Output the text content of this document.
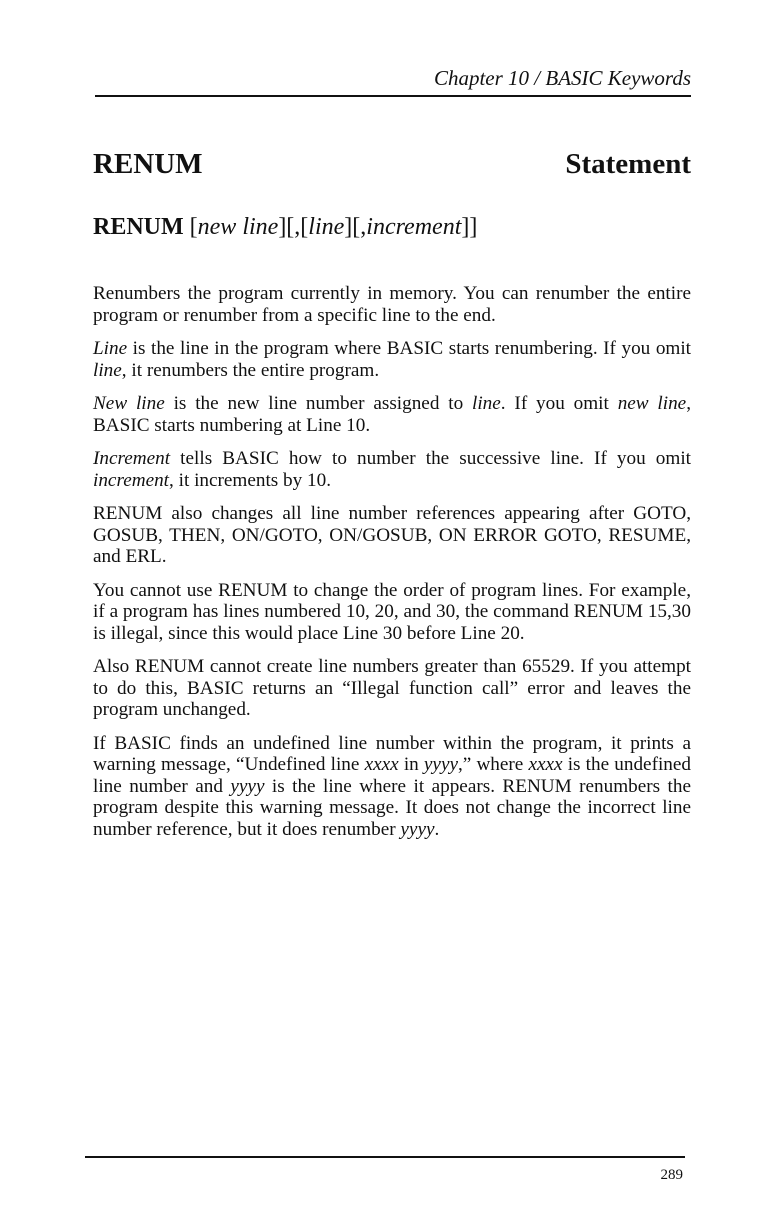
Chapter 10 / BASIC Keywords
RENUM	Statement
RENUM [new line][,[line][,increment]]

Renumbers the program currently in memory. You can renumber the entire program or renumber from a specific line to the end.

Line is the line in the program where BASIC starts renumbering. If you omit line, it renumbers the entire program.

New line is the new line number assigned to line. If you omit new line, BASIC starts numbering at Line 10.

Increment tells BASIC how to number the successive line. If you omit increment, it increments by 10.

RENUM also changes all line number references appearing after GOTO, GOSUB, THEN, ON/GOTO, ON/GOSUB, ON ERROR GOTO, RESUME, and ERL.

You cannot use RENUM to change the order of program lines. For example, if a program has lines numbered 10, 20, and 30, the command RENUM 15,30 is illegal, since this would place Line 30 before Line 20.

Also RENUM cannot create line numbers greater than 65529. If you attempt to do this, BASIC returns an “Illegal function call” error and leaves the program unchanged.

If BASIC finds an undefined line number within the program, it prints a warning message, “Undefined line xxxx in yyyy,” where xxxx is the undefined line number and yyyy is the line where it appears. RENUM renumbers the program despite this warning message. It does not change the incorrect line number reference, but it does renumber yyyy.

289
